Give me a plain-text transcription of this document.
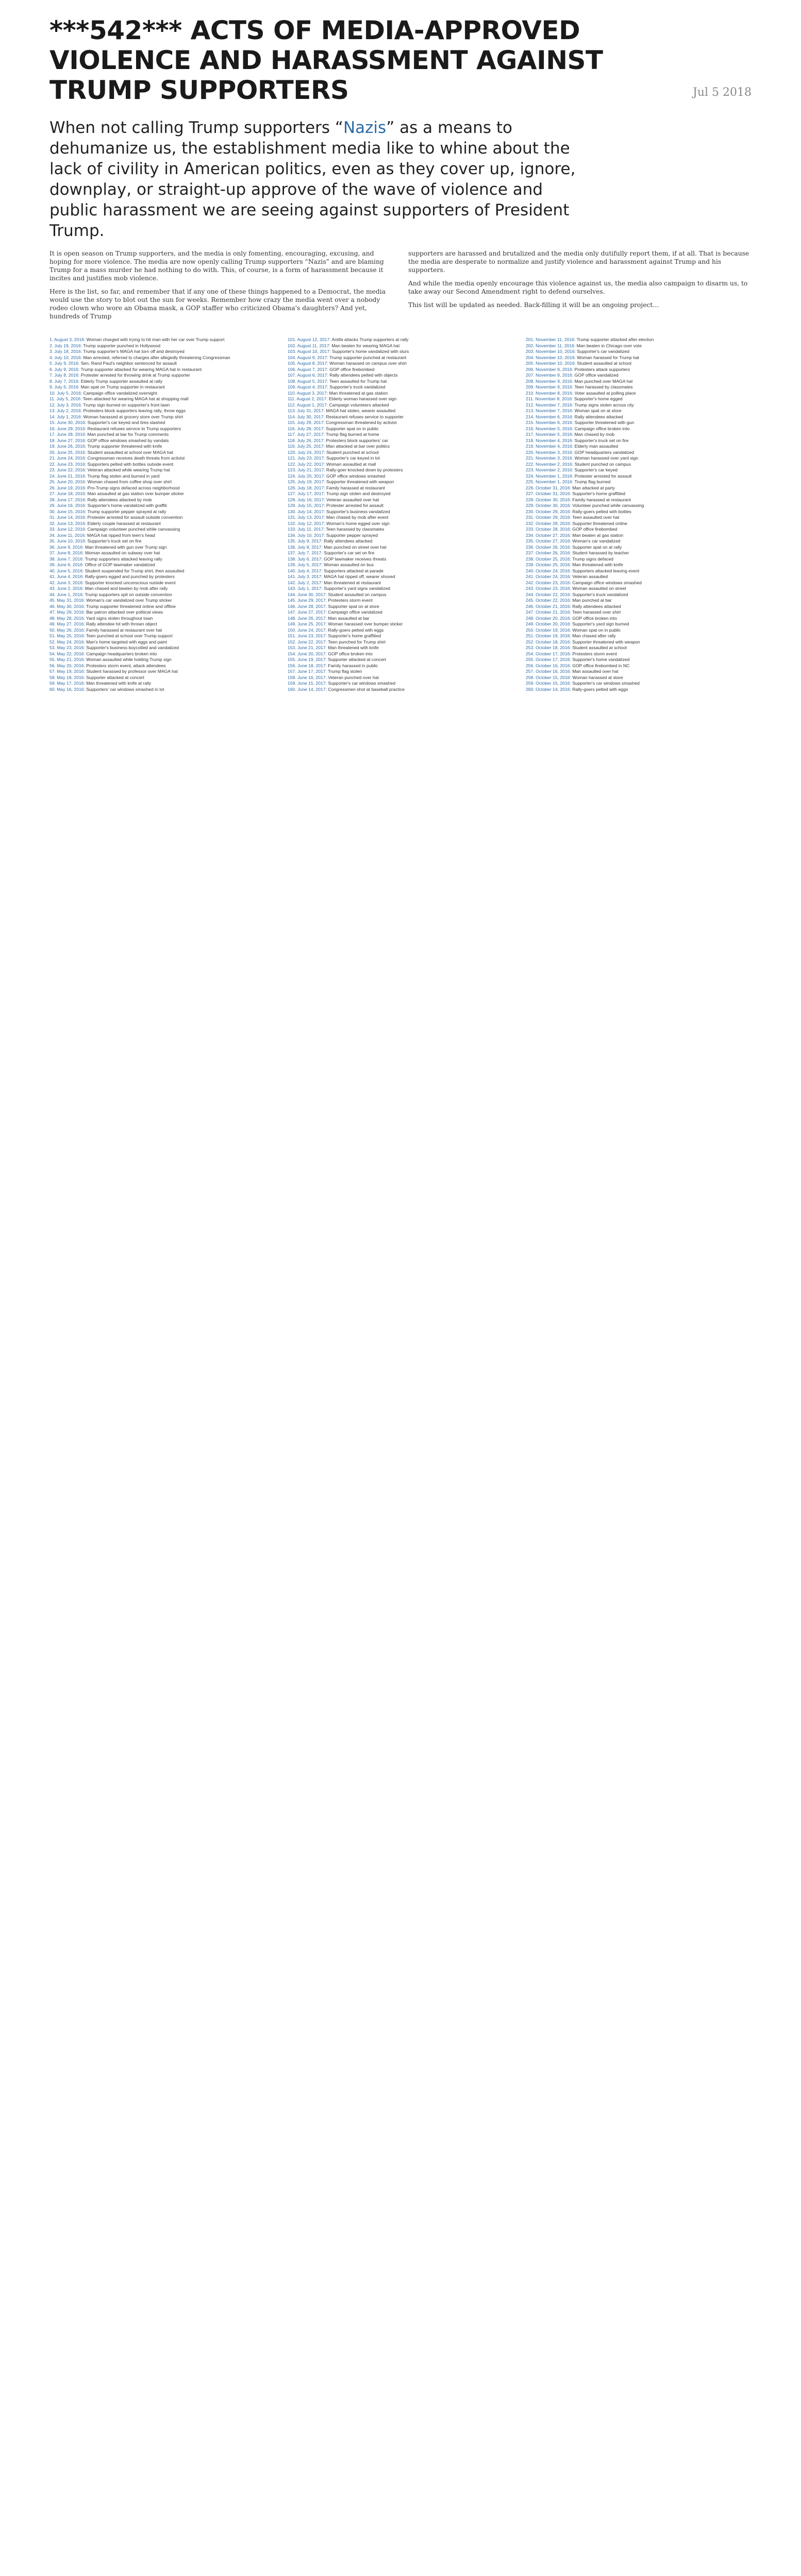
***542*** ACTS OF MEDIA-APPROVED VIOLENCE AND HARASSMENT AGAINST TRUMP SUPPORTERS	Jul 5 2018

When not calling Trump supporters “Nazis” as a means to dehumanize us, the establishment media like to whine about the lack of civility in American politics, even as they cover up, ignore, downplay, or straight-up approve of the wave of violence and public harassment we are seeing against supporters of President Trump.

It is open season on Trump supporters, and the media is only fomenting, encouraging, excusing, and hoping for more violence. The media are now openly calling Trump supporters “Nazis” and are blaming Trump for a mass murder he had nothing to do with. This, of course, is a form of harassment because it incites and justifies mob violence.

Here is the list, so far, and remember that if any one of these things happened to a Democrat, the media would use the story to blot out the sun for weeks. Remember how crazy the media went over a nobody rodeo clown who wore an Obama mask, a GOP staffer who criticized Obama's daughters? And yet, hundreds of Trump

supporters are harassed and brutalized and the media only dutifully report them, if at all. That is because the media are desperate to normalize and justify violence and harassment against Trump and his supporters.

And while the media openly encourage this violence against us, the media also campaign to disarm us, to take away our Second Amendment right to defend ourselves.

This list will be updated as needed. Back-filling it will be an ongoing project…

1. August 3, 2016: Woman charged with trying to hit man with her car over Trump support
2. July 19, 2016: Trump supporter punched in Hollywood
3. July 18, 2016: Trump supporter's MAGA hat torn off and destroyed
4. July 10, 2016: Man arrested, referred to charges after allegedly threatening Congressman
5. July 9, 2016: Sen. Rand Paul's neighbor sentenced for assault
6. July 9, 2016: Trump supporter attacked for wearing MAGA hat in restaurant
7. July 8, 2016: Protester arrested for throwing drink at Trump supporter
8. July 7, 2016: Elderly Trump supporter assaulted at rally
9. July 6, 2016: Man spat on Trump supporter in restaurant
10. July 5, 2016: Campaign office vandalized overnight
11. July 5, 2016: Teen attacked for wearing MAGA hat at shopping mall
12. July 3, 2016: Trump sign burned on supporter's front lawn
13. July 2, 2016: Protesters block supporters leaving rally, throw eggs
14. July 1, 2016: Woman harassed at grocery store over Trump shirt
15. June 30, 2016: Supporter's car keyed and tires slashed
16. June 29, 2016: Restaurant refuses service to Trump supporters
17. June 28, 2016: Man punched at bar for Trump comments
18. June 27, 2016: GOP office windows smashed by vandals
19. June 26, 2016: Trump supporter threatened with knife
20. June 25, 2016: Student assaulted at school over MAGA hat
21. June 24, 2016: Congressman receives death threats from activist
22. June 23, 2016: Supporters pelted with bottles outside event
23. June 22, 2016: Veteran attacked while wearing Trump hat
24. June 21, 2016: Trump flag stolen and burned in yard
25. June 20, 2016: Woman chased from coffee shop over shirt
26. June 19, 2016: Pro-Trump signs defaced across neighborhood
27. June 18, 2016: Man assaulted at gas station over bumper sticker
28. June 17, 2016: Rally attendees attacked by mob
29. June 16, 2016: Supporter's home vandalized with graffiti
30. June 15, 2016: Trump supporter pepper sprayed at rally
31. June 14, 2016: Protester arrested for assault outside convention
32. June 13, 2016: Elderly couple harassed at restaurant
33. June 12, 2016: Campaign volunteer punched while canvassing
34. June 11, 2016: MAGA hat ripped from teen's head
35. June 10, 2016: Supporter's truck set on fire
36. June 9, 2016: Man threatened with gun over Trump sign
37. June 8, 2016: Woman assaulted on subway over hat
38. June 7, 2016: Trump supporters attacked leaving rally
39. June 6, 2016: Office of GOP lawmaker vandalized
40. June 5, 2016: Student suspended for Trump shirt, then assaulted
41. June 4, 2016: Rally-goers egged and punched by protesters
42. June 3, 2016: Supporter knocked unconscious outside event
43. June 2, 2016: Man chased and beaten by mob after rally
44. June 1, 2016: Trump supporters spit on outside convention
45. May 31, 2016: Woman's car vandalized over Trump sticker
46. May 30, 2016: Trump supporter threatened online and offline
47. May 29, 2016: Bar patron attacked over political views
48. May 28, 2016: Yard signs stolen throughout town
49. May 27, 2016: Rally attendee hit with thrown object
50. May 26, 2016: Family harassed at restaurant over hat
51. May 25, 2016: Teen punched at school over Trump support
52. May 24, 2016: Man's home targeted with eggs and paint
53. May 23, 2016: Supporter's business boycotted and vandalized
54. May 22, 2016: Campaign headquarters broken into
55. May 21, 2016: Woman assaulted while holding Trump sign
56. May 20, 2016: Protesters storm event, attack attendees
57. May 19, 2016: Student harassed by professor over MAGA hat
58. May 18, 2016: Supporter attacked at concert
59. May 17, 2016: Man threatened with knife at rally
60. May 16, 2016: Supporters' car windows smashed in lot
101. August 12, 2017: Antifa attacks Trump supporters at rally
102. August 11, 2017: Man beaten for wearing MAGA hat
103. August 10, 2017: Supporter's home vandalized with slurs
104. August 9, 2017: Trump supporter punched at restaurant
105. August 8, 2017: Woman harassed on campus over shirt
106. August 7, 2017: GOP office firebombed
107. August 6, 2017: Rally attendees pelted with objects
108. August 5, 2017: Teen assaulted for Trump hat
109. August 4, 2017: Supporter's truck vandalized
110. August 3, 2017: Man threatened at gas station
111. August 2, 2017: Elderly woman harassed over sign
112. August 1, 2017: Campaign volunteers attacked
113. July 31, 2017: MAGA hat stolen, wearer assaulted
114. July 30, 2017: Restaurant refuses service to supporter
115. July 29, 2017: Congressman threatened by activist
116. July 28, 2017: Supporter spat on in public
117. July 27, 2017: Trump flag burned at home
118. July 26, 2017: Protesters block supporters' car
119. July 25, 2017: Man attacked at bar over politics
120. July 24, 2017: Student punched at school
121. July 23, 2017: Supporter's car keyed in lot
122. July 22, 2017: Woman assaulted at mall
123. July 21, 2017: Rally-goer knocked down by protesters
124. July 20, 2017: GOP office windows smashed
125. July 19, 2017: Supporter threatened with weapon
126. July 18, 2017: Family harassed at restaurant
127. July 17, 2017: Trump sign stolen and destroyed
128. July 16, 2017: Veteran assaulted over hat
129. July 15, 2017: Protester arrested for assault
130. July 14, 2017: Supporter's business vandalized
131. July 13, 2017: Man chased by mob after event
132. July 12, 2017: Woman's home egged over sign
133. July 11, 2017: Teen harassed by classmates
134. July 10, 2017: Supporter pepper sprayed
135. July 9, 2017: Rally attendees attacked
136. July 8, 2017: Man punched on street over hat
137. July 7, 2017: Supporter's car set on fire
138. July 6, 2017: GOP lawmaker receives threats
139. July 5, 2017: Woman assaulted on bus
140. July 4, 2017: Supporters attacked at parade
141. July 3, 2017: MAGA hat ripped off, wearer shoved
142. July 2, 2017: Man threatened at restaurant
143. July 1, 2017: Supporter's yard signs vandalized
144. June 30, 2017: Student assaulted on campus
145. June 29, 2017: Protesters storm event
146. June 28, 2017: Supporter spat on at store
147. June 27, 2017: Campaign office vandalized
148. June 26, 2017: Man assaulted at bar
149. June 25, 2017: Woman harassed over bumper sticker
150. June 24, 2017: Rally-goers pelted with eggs
151. June 23, 2017: Supporter's home graffitied
152. June 22, 2017: Teen punched for Trump shirt
153. June 21, 2017: Man threatened with knife
154. June 20, 2017: GOP office broken into
155. June 19, 2017: Supporter attacked at concert
156. June 18, 2017: Family harassed in public
157. June 17, 2017: Trump flag stolen
158. June 16, 2017: Veteran punched over hat
159. June 15, 2017: Supporter's car windows smashed
160. June 14, 2017: Congressmen shot at baseball practice
201. November 11, 2016: Trump supporter attacked after election
202. November 11, 2016: Man beaten in Chicago over vote
203. November 10, 2016: Supporter's car vandalized
204. November 10, 2016: Woman harassed for Trump hat
205. November 10, 2016: Student assaulted at school
206. November 9, 2016: Protesters attack supporters
207. November 9, 2016: GOP office vandalized
208. November 9, 2016: Man punched over MAGA hat
209. November 9, 2016: Teen harassed by classmates
210. November 8, 2016: Voter assaulted at polling place
211. November 8, 2016: Supporter's home egged
212. November 7, 2016: Trump signs stolen across city
213. November 7, 2016: Woman spat on at store
214. November 6, 2016: Rally attendees attacked
215. November 6, 2016: Supporter threatened with gun
216. November 5, 2016: Campaign office broken into
217. November 5, 2016: Man chased by mob
218. November 4, 2016: Supporter's truck set on fire
219. November 4, 2016: Elderly man assaulted
220. November 3, 2016: GOP headquarters vandalized
221. November 3, 2016: Woman harassed over yard sign
222. November 2, 2016: Student punched on campus
223. November 2, 2016: Supporter's car keyed
224. November 1, 2016: Protester arrested for assault
225. November 1, 2016: Trump flag burned
226. October 31, 2016: Man attacked at party
227. October 31, 2016: Supporter's home graffitied
228. October 30, 2016: Family harassed at restaurant
229. October 30, 2016: Volunteer punched while canvassing
230. October 29, 2016: Rally-goers pelted with bottles
231. October 29, 2016: Teen assaulted over hat
232. October 28, 2016: Supporter threatened online
233. October 28, 2016: GOP office firebombed
234. October 27, 2016: Man beaten at gas station
235. October 27, 2016: Woman's car vandalized
236. October 26, 2016: Supporter spat on at rally
237. October 26, 2016: Student harassed by teacher
238. October 25, 2016: Trump signs defaced
239. October 25, 2016: Man threatened with knife
240. October 24, 2016: Supporters attacked leaving event
241. October 24, 2016: Veteran assaulted
242. October 23, 2016: Campaign office windows smashed
243. October 23, 2016: Woman assaulted on street
244. October 22, 2016: Supporter's truck vandalized
245. October 22, 2016: Man punched at bar
246. October 21, 2016: Rally attendees attacked
247. October 21, 2016: Teen harassed over shirt
248. October 20, 2016: GOP office broken into
249. October 20, 2016: Supporter's yard sign burned
250. October 19, 2016: Woman spat on in public
251. October 19, 2016: Man chased after rally
252. October 18, 2016: Supporter threatened with weapon
253. October 18, 2016: Student assaulted at school
254. October 17, 2016: Protesters storm event
255. October 17, 2016: Supporter's home vandalized
256. October 16, 2016: GOP office firebombed in NC
257. October 16, 2016: Man assaulted over hat
258. October 15, 2016: Woman harassed at store
259. October 15, 2016: Supporter's car windows smashed
260. October 14, 2016: Rally-goers pelted with eggs
